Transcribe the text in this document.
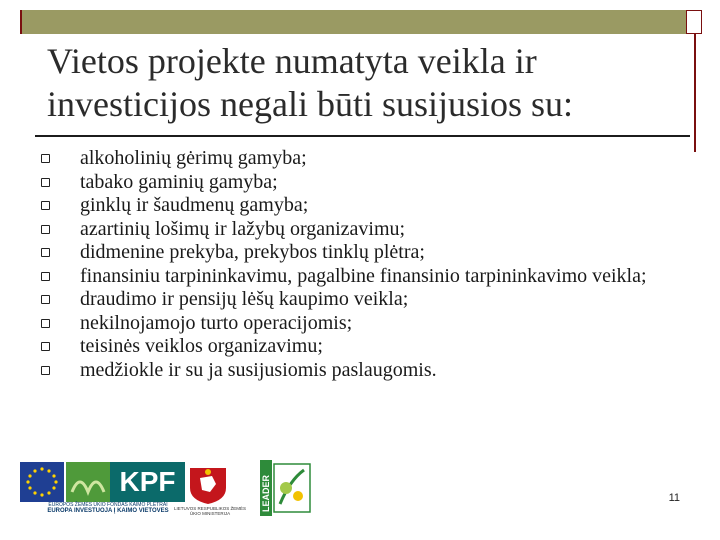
Vietos projekte numatyta veikla ir investicijos negali būti susijusios su:
alkoholinių gėrimų gamyba;
tabako gaminių gamyba;
ginklų ir šaudmenų gamyba;
azartinių lošimų ir lažybų organizavimu;
didmenine prekyba, prekybos tinklų plėtra;
finansiniu tarpininkavimu, pagalbine finansinio tarpininkavimo veikla;
draudimo ir pensijų lėšų kaupimo veikla;
nekilnojamojo turto operacijomis;
teisinės veiklos organizavimu;
medžiokle ir su ja susijusiomis paslaugomis.
KPF
EUROPOS ŽEMĖS ŪKIO FONDAS KAIMO PLĖTRAI
EUROPA INVESTUOJA Į KAIMO VIETOVES	LIETUVOS RESPUBLIKOS ŽEMĖS ŪKIO MINISTERIJA
LEADER	11
